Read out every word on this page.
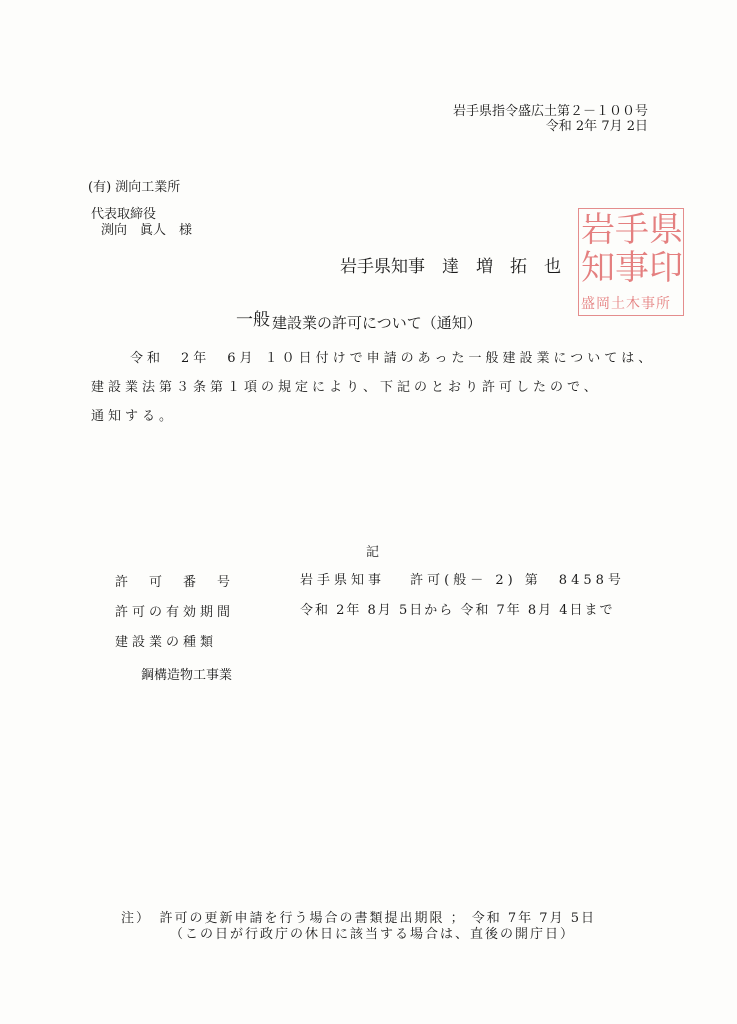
岩手県指令盛広土第２－１００号
令和 2年 7月 2日
(有) 渕向工業所
代表取締役
渕向　眞人　様
岩手県知事　達　増　拓　也
岩 手 県
知 事 印
盛岡土木事所
一般 建設業の許可について（通知）
令和　2年　6月 １０日付けで申請のあった一般建設業については、
建設業法第３条第１項の規定により、下記のとおり許可したので、
通知する。
記
許　可　番　号	岩手県知事　 許可(般－ 2) 第　8458号
許可の有効期間	令和 2年 8月 5日から 令和 7年 8月 4日まで
建設業の種類
鋼構造物工事業
注）　許可の更新申請を行う場合の書類提出期限 ； 令和 7年 7月 5日
（この日が行政庁の休日に該当する場合は、直後の開庁日）
